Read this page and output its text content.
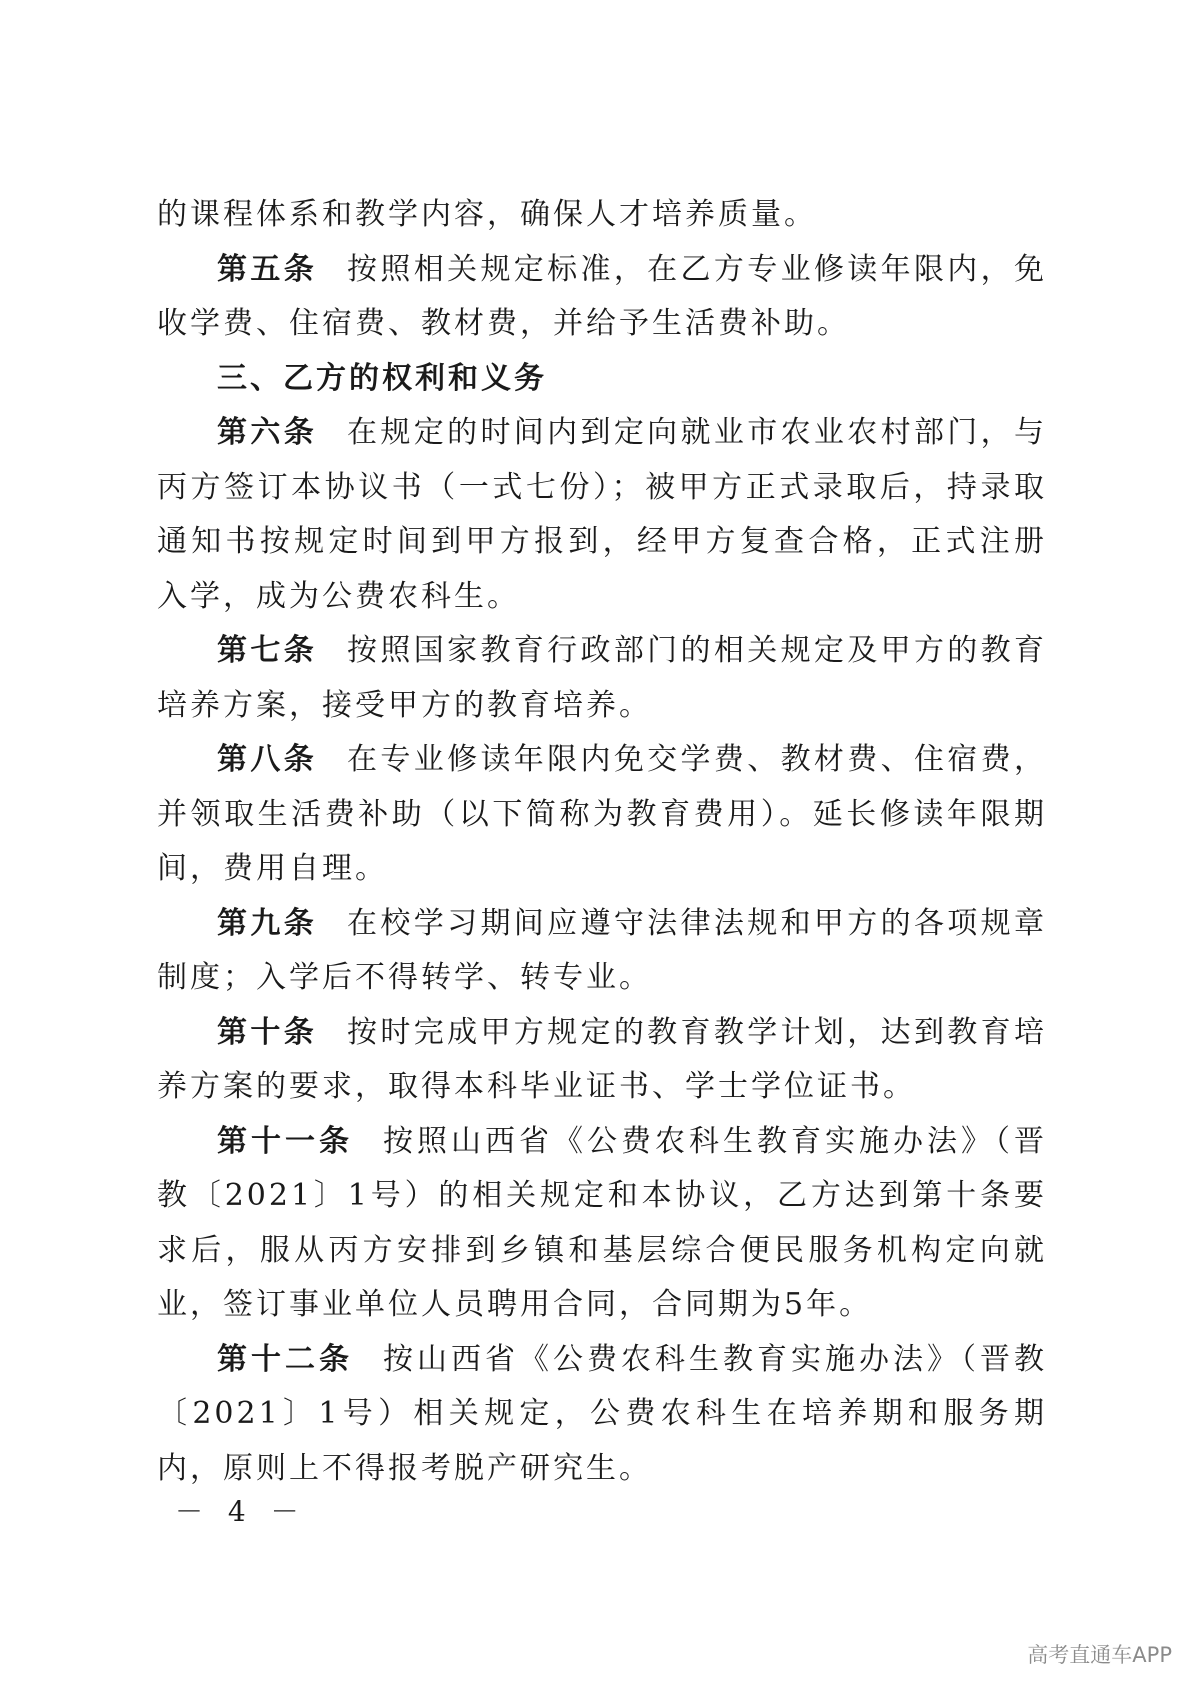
的课程体系和教学内容，确保人才培养质量。

第五条 按照相关规定标准，在乙方专业修读年限内，免收学费、住宿费、教材费，并给予生活费补助。

三、乙方的权利和义务

第六条 在规定的时间内到定向就业市农业农村部门，与丙方签订本协议书（一式七份）；被甲方正式录取后，持录取通知书按规定时间到甲方报到，经甲方复查合格，正式注册入学，成为公费农科生。

第七条 按照国家教育行政部门的相关规定及甲方的教育培养方案，接受甲方的教育培养。

第八条 在专业修读年限内免交学费、教材费、住宿费，并领取生活费补助（以下简称为教育费用）。延长修读年限期间，费用自理。

第九条 在校学习期间应遵守法律法规和甲方的各项规章制度；入学后不得转学、转专业。

第十条 按时完成甲方规定的教育教学计划，达到教育培养方案的要求，取得本科毕业证书、学士学位证书。

第十一条 按照山西省《公费农科生教育实施办法》（晋教〔2021〕1号）的相关规定和本协议，乙方达到第十条要求后，服从丙方安排到乡镇和基层综合便民服务机构定向就业，签订事业单位人员聘用合同，合同期为5年。

第十二条 按山西省《公费农科生教育实施办法》（晋教〔2021〕1号）相关规定，公费农科生在培养期和服务期内，原则上不得报考脱产研究生。

－ 4 －
高考直通车APP
